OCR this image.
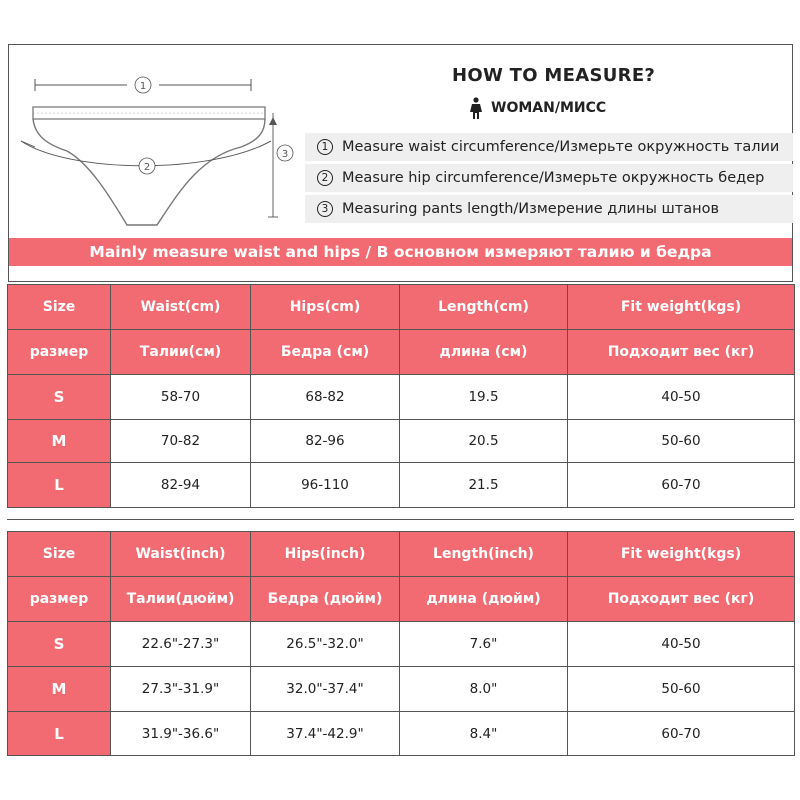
1
2
3
HOW TO MEASURE?
WOMAN/МИСС
1 Measure waist circumference/Измерьте окружность талии
2 Measure hip circumference/Измерьте окружность бедер
3 Measuring pants length/Измерение длины штанов
Mainly measure waist and hips / В основном измеряют талию и бедра
Size	Waist(cm)	Hips(cm)	Length(cm)	Fit weight(kgs)
размер	Талии(см)	Бедра (см)	длина (см)	Подходит вес (кг)
S	58-70	68-82	19.5	40-50
M	70-82	82-96	20.5	50-60
L	82-94	96-110	21.5	60-70
Size	Waist(inch)	Hips(inch)	Length(inch)	Fit weight(kgs)
размер	Талии(дюйм)	Бедра (дюйм)	длина (дюйм)	Подходит вес (кг)
S	22.6"-27.3"	26.5"-32.0"	7.6"	40-50
M	27.3"-31.9"	32.0"-37.4"	8.0"	50-60
L	31.9"-36.6"	37.4"-42.9"	8.4"	60-70
